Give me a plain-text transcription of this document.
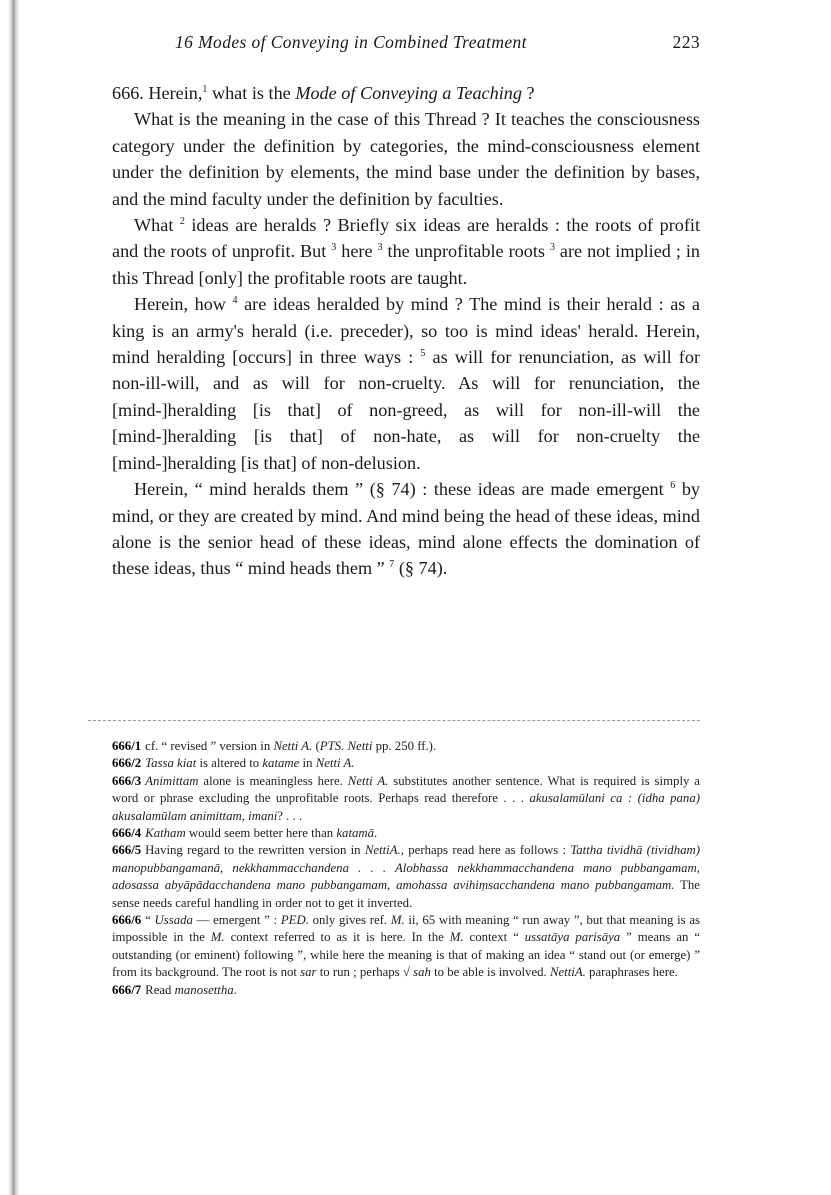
16 Modes of Conveying in Combined Treatment	223

666. Herein,$^1$ what is the Mode of Conveying a Teaching ?

What is the meaning in the case of this Thread ? It teaches the consciousness category under the definition by categories, the mind-consciousness element under the definition by elements, the mind base under the definition by bases, and the mind faculty under the definition by faculties.

What $^2$ ideas are heralds ? Briefly six ideas are heralds : the roots of profit and the roots of unprofit. But $^3$ here $^3$ the unprofitable roots $^3$ are not implied ; in this Thread [only] the profitable roots are taught.

Herein, how $^4$ are ideas heralded by mind ? The mind is their herald : as a king is an army's herald (i.e. preceder), so too is mind ideas' herald. Herein, mind heralding [occurs] in three ways : $^5$ as will for renunciation, as will for non-ill-will, and as will for non-cruelty. As will for renunciation, the [mind-]heralding [is that] of non-greed, as will for non-ill-will the [mind-]heralding [is that] of non-hate, as will for non-cruelty the [mind-]heralding [is that] of non-delusion.

Herein, “ mind heralds them ” (§ 74) : these ideas are made emergent $^6$ by mind, or they are created by mind. And mind being the head of these ideas, mind alone is the senior head of these ideas, mind alone effects the domination of these ideas, thus “ mind heads them ” $^7$ (§ 74).

666/1 cf. “ revised ” version in Netti A. (PTS. Netti pp. 250 ff.).

666/2 Tassa kiat is altered to katame in Netti A.

666/3 Animittam alone is meaningless here. Netti A. substitutes another sentence. What is required is simply a word or phrase excluding the unprofitable roots. Perhaps read therefore . . . akusalamūlani ca : (idha pana) akusalamūlam animittam, imani? . . .

666/4 Katham would seem better here than katamā.

666/5 Having regard to the rewritten version in NettiA., perhaps read here as follows : Tattha tividhā (tividham) manopubbangamanā, nekkhammacchandena . . . Alobhassa nekkhammacchandena mano pubbangamam, adosassa abyāpādacchandena mano pubbangamam, amohassa avihiṃsacchandena mano pubbangamam. The sense needs careful handling in order not to get it inverted.

666/6 “ Ussada — emergent ” : PED. only gives ref. M. ii, 65 with meaning “ run away ”, but that meaning is as impossible in the M. context referred to as it is here. In the M. context “ ussatāya parisāya ” means an “ outstanding (or eminent) following ”, while here the meaning is that of making an idea “ stand out (or emerge) ” from its background. The root is not sar to run ; perhaps √ sah to be able is involved. NettiA. paraphrases here.

666/7 Read manosettha.
